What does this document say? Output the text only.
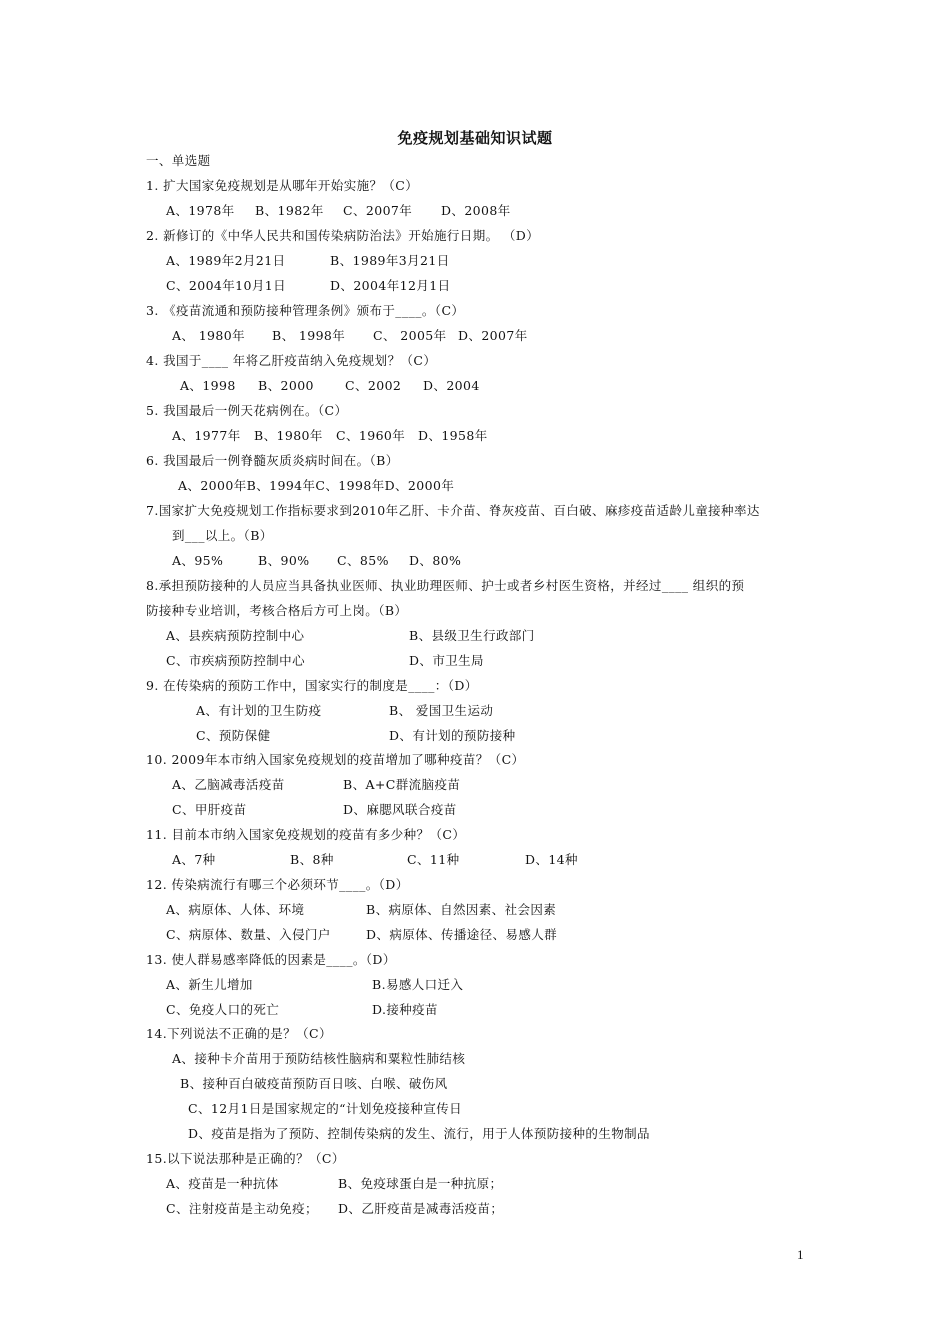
免疫规划基础知识试题
一、单选题
1. 扩大国家免疫规划是从哪年开始实施？（C）
A、1978年 B、1982年 C、2007年 D、2008年
2. 新修订的《中华人民共和国传染病防治法》开始施行日期。 （D）
A、1989年2月21日	B、1989年3月21日
C、2004年10月1日	D、2004年12月1日
3. 《疫苗流通和预防接种管理条例》颁布于____。（C）
A、 1980年 B、 1998年 C、 2005年 D、2007年
4. 我国于____ 年将乙肝疫苗纳入免疫规划？（C）
A、1998 B、2000 C、2002 D、2004
5. 我国最后一例天花病例在。（C）
A、1977年 B、1980年 C、1960年 D、1958年
6. 我国最后一例脊髓灰质炎病时间在。（B）
A、2000年B、1994年C、1998年D、2000年
7.国家扩大免疫规划工作指标要求到2010年乙肝、卡介苗、脊灰疫苗、百白破、麻疹疫苗适龄儿童接种率达
到___以上。（B）
A、95%	B、90% C、85% D、80%
8.承担预防接种的人员应当具备执业医师、执业助理医师、护士或者乡村医生资格，并经过____ 组织的预
防接种专业培训，考核合格后方可上岗。（B）
A、县疾病预防控制中心	B、县级卫生行政部门
C、市疾病预防控制中心	D、市卫生局
9. 在传染病的预防工作中，国家实行的制度是____：（D）
A、有计划的卫生防疫	B、 爱国卫生运动
C、预防保健	D、有计划的预防接种
10. 2009年本市纳入国家免疫规划的疫苗增加了哪种疫苗？（C）
A、乙脑减毒活疫苗	B、A+C群流脑疫苗
C、甲肝疫苗	D、麻腮风联合疫苗
11. 目前本市纳入国家免疫规划的疫苗有多少种？（C）
A、7种	B、8种	C、11种	D、14种
12. 传染病流行有哪三个必须环节____。（D）
A、病原体、人体、环境	B、病原体、自然因素、社会因素
C、病原体、数量、入侵门户	D、病原体、传播途径、易感人群
13. 使人群易感率降低的因素是____。（D）
A、新生儿增加	B.易感人口迁入
C、免疫人口的死亡	D.接种疫苗
14.下列说法不正确的是？（C）
A、接种卡介苗用于预防结核性脑病和粟粒性肺结核
B、接种百白破疫苗预防百日咳、白喉、破伤风
C、12月1日是国家规定的“计划免疫接种宣传日
D、疫苗是指为了预防、控制传染病的发生、流行，用于人体预防接种的生物制品
15.以下说法那种是正确的？（C）
A、疫苗是一种抗体	B、免疫球蛋白是一种抗原；
C、注射疫苗是主动免疫； D、乙肝疫苗是减毒活疫苗；
1
